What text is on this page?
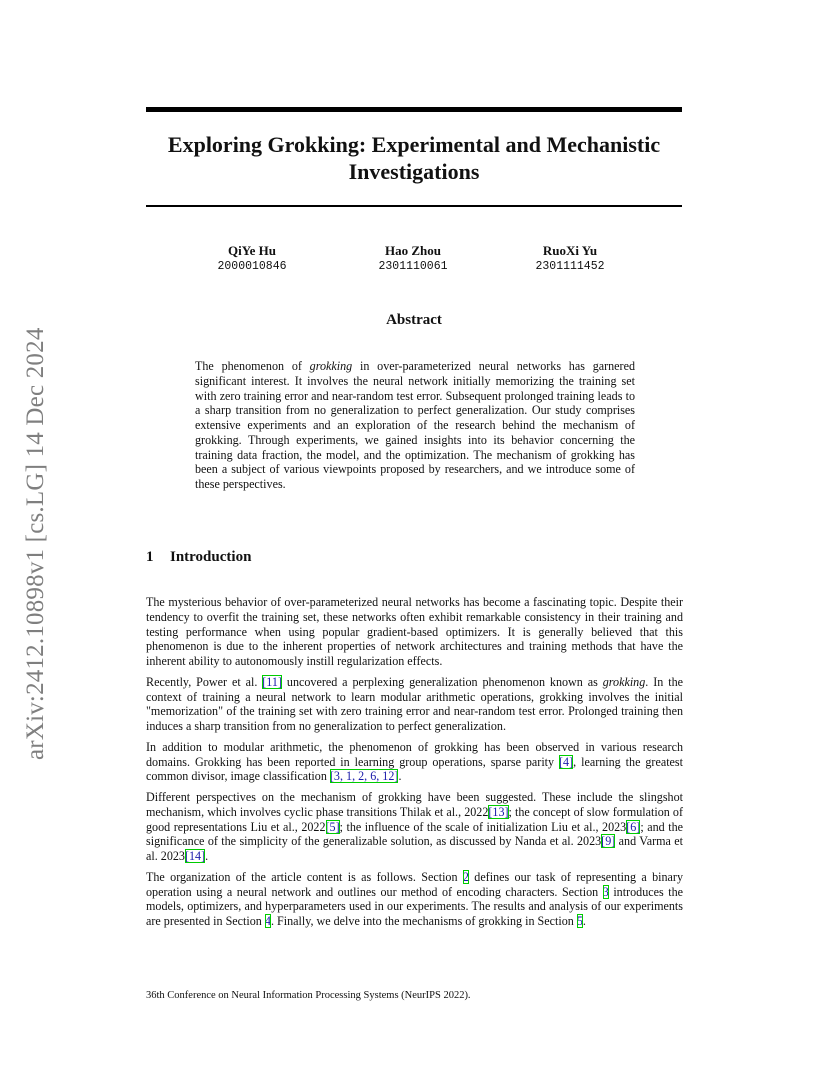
arXiv:2412.10898v1 [cs.LG] 14 Dec 2024
Exploring Grokking: Experimental and Mechanistic
Investigations
QiYe Hu
2000010846
Hao Zhou
2301110061
RuoXi Yu
2301111452
Abstract
The phenomenon of grokking in over-parameterized neural networks has garnered significant interest. It involves the neural network initially memorizing the training set with zero training error and near-random test error. Subsequent prolonged training leads to a sharp transition from no generalization to perfect generalization. Our study comprises extensive experiments and an exploration of the research behind the mechanism of grokking. Through experiments, we gained insights into its behavior concerning the training data fraction, the model, and the optimization. The mechanism of grokking has been a subject of various viewpoints proposed by researchers, and we introduce some of these perspectives.
1 Introduction

The mysterious behavior of over-parameterized neural networks has become a fascinating topic. Despite their tendency to overfit the training set, these networks often exhibit remarkable consistency in their training and testing performance when using popular gradient-based optimizers. It is generally believed that this phenomenon is due to the inherent properties of network architectures and training methods that have the inherent ability to autonomously instill regularization effects.

Recently, Power et al. [11] uncovered a perplexing generalization phenomenon known as grokking. In the context of training a neural network to learn modular arithmetic operations, grokking involves the initial "memorization" of the training set with zero training error and near-random test error. Prolonged training then induces a sharp transition from no generalization to perfect generalization.

In addition to modular arithmetic, the phenomenon of grokking has been observed in various research domains. Grokking has been reported in learning group operations, sparse parity [4], learning the greatest common divisor, image classification [3, 1, 2, 6, 12].

Different perspectives on the mechanism of grokking have been suggested. These include the slingshot mechanism, which involves cyclic phase transitions Thilak et al., 2022[13]; the concept of slow formulation of good representations Liu et al., 2022[5]; the influence of the scale of initialization Liu et al., 2023[6]; and the significance of the simplicity of the generalizable solution, as discussed by Nanda et al. 2023[9] and Varma et al. 2023[14].

The organization of the article content is as follows. Section 2 defines our task of representing a binary operation using a neural network and outlines our method of encoding characters. Section 3 introduces the models, optimizers, and hyperparameters used in our experiments. The results and analysis of our experiments are presented in Section 4. Finally, we delve into the mechanisms of grokking in Section 5.

36th Conference on Neural Information Processing Systems (NeurIPS 2022).
